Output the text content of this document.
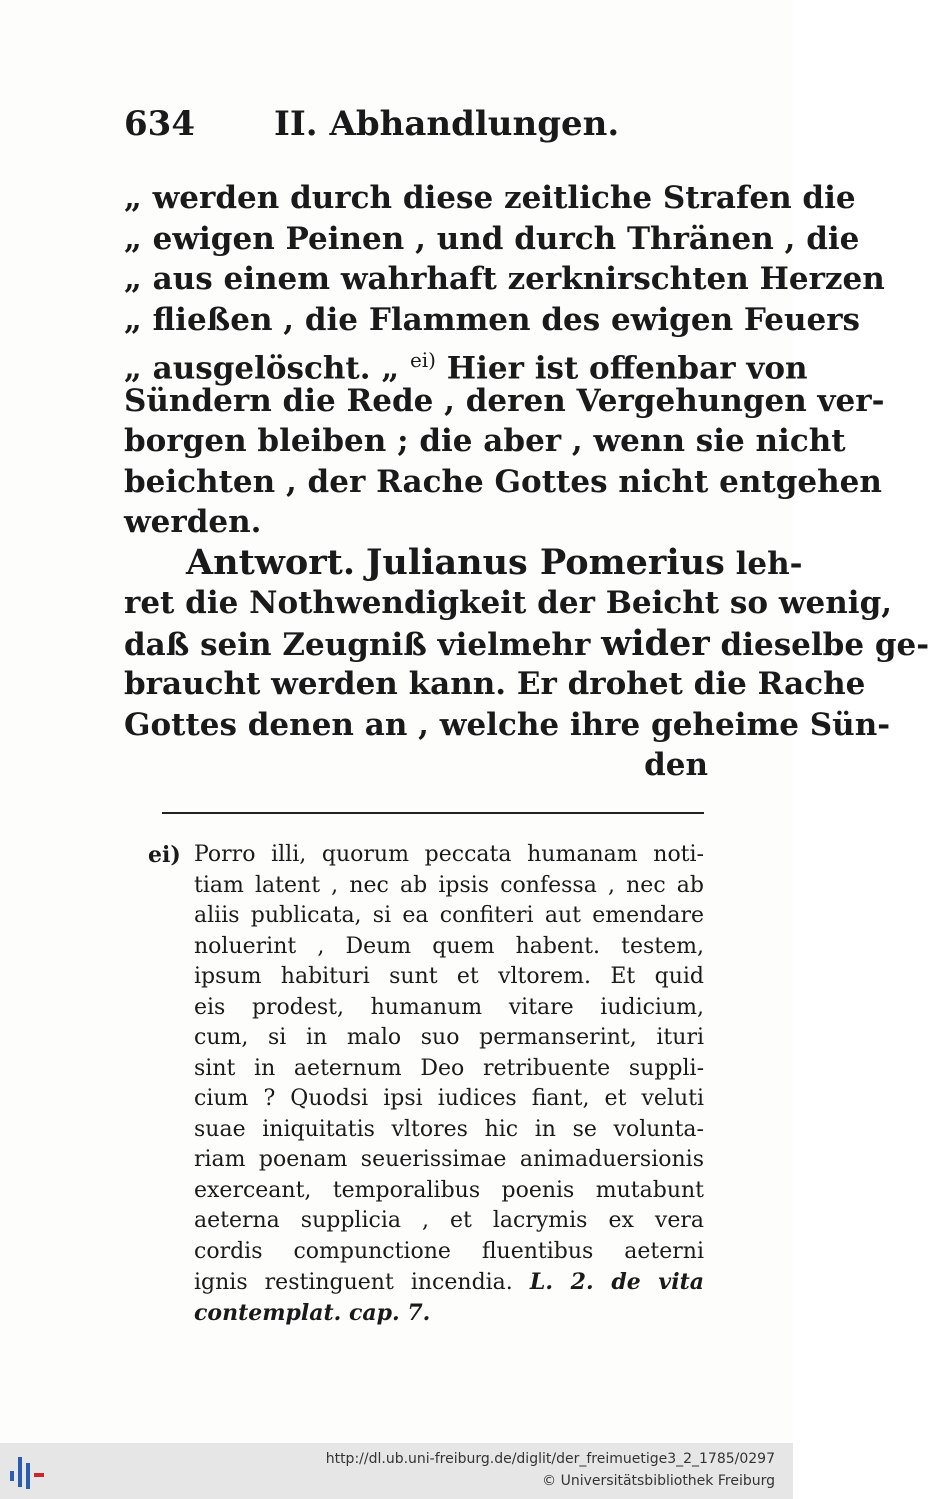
634 II. Abhandlungen.
„ werden durch diese zeitliche Strafen die
„ ewigen Peinen , und durch Thränen , die
„ aus einem wahrhaft zerknirschten Herzen
„ fließen , die Flammen des ewigen Feuers
„ ausgelöscht. „ $^{ei)}$ Hier ist offenbar von
Sündern die Rede , deren Vergehungen ver-
borgen bleiben ; die aber , wenn sie nicht
beichten , der Rache Gottes nicht entgehen
werden.
Antwort. Julianus Pomerius leh-
ret die Nothwendigkeit der Beicht so wenig,
daß sein Zeugniß vielmehr wider dieselbe ge-
braucht werden kann. Er drohet die Rache
Gottes denen an , welche ihre geheime Sün-
den
ei) Porro illi, quorum peccata humanam noti-
tiam latent , nec ab ipsis confessa , nec ab
aliis publicata, si ea confiteri aut emendare
noluerint , Deum quem habent. testem,
ipsum habituri sunt et vltorem. Et quid
eis prodest, humanum vitare iudicium,
cum, si in malo suo permanserint, ituri
sint in aeternum Deo retribuente suppli-
cium ? Quodsi ipsi iudices fiant, et veluti
suae iniquitatis vltores hic in se volunta-
riam poenam seuerissimae animaduersionis
exerceant, temporalibus poenis mutabunt
aeterna supplicia , et lacrymis ex vera
cordis compunctione fluentibus aeterni
ignis restinguent incendia. L. 2. de vita
contemplat. cap. 7.
http://dl.ub.uni-freiburg.de/diglit/der_freimuetige3_2_1785/0297
© Universitätsbibliothek Freiburg
